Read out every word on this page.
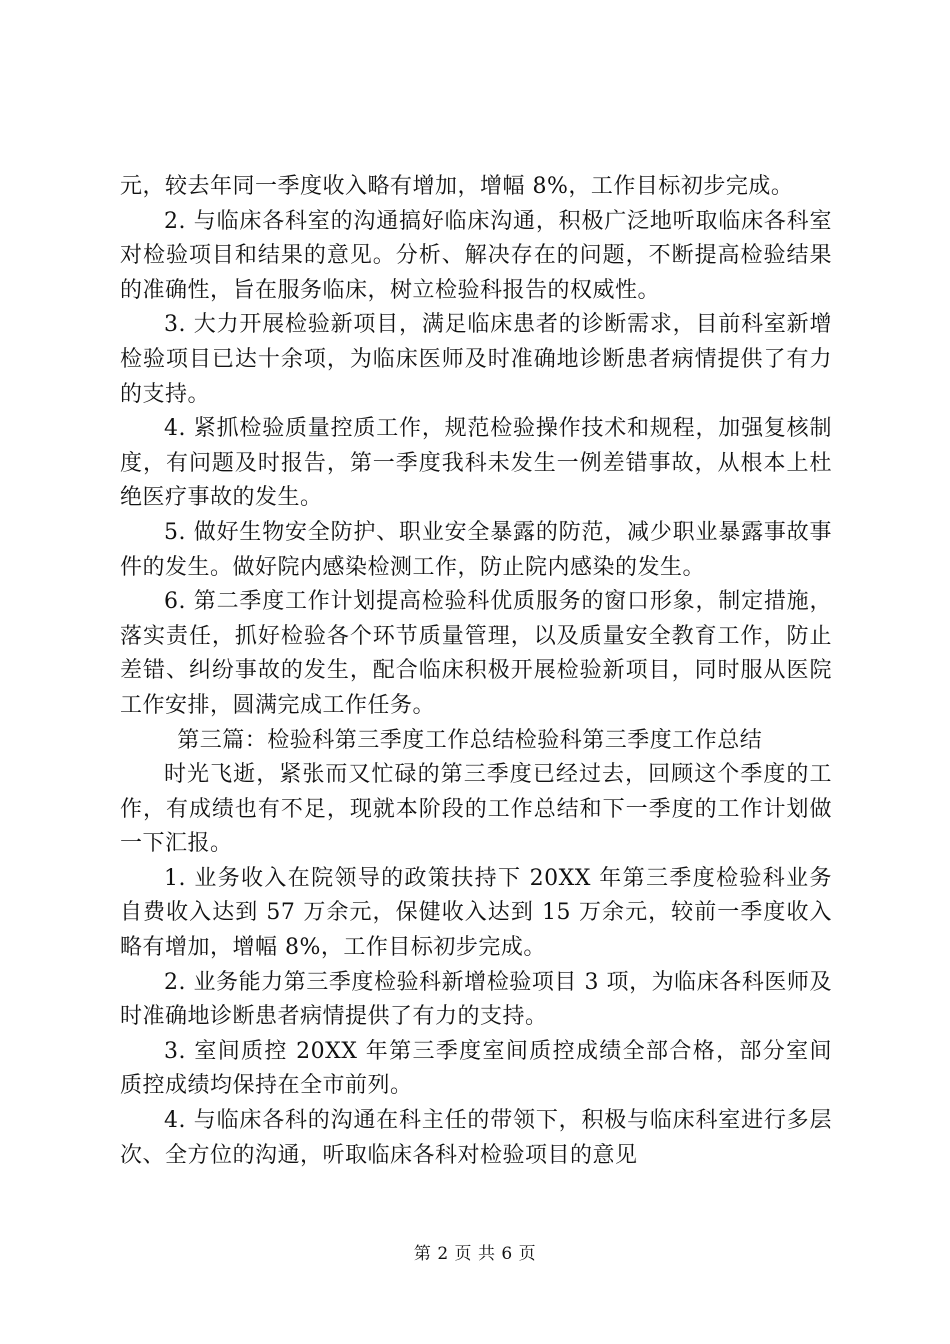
元，较去年同一季度收入略有增加，增幅 8%，工作目标初步完成。

2. 与临床各科室的沟通搞好临床沟通，积极广泛地听取临床各科室对检验项目和结果的意见。分析、解决存在的问题，不断提高检验结果的准确性，旨在服务临床，树立检验科报告的权威性。

3. 大力开展检验新项目，满足临床患者的诊断需求，目前科室新增检验项目已达十余项，为临床医师及时准确地诊断患者病情提供了有力的支持。

4. 紧抓检验质量控质工作，规范检验操作技术和规程，加强复核制度，有问题及时报告，第一季度我科未发生一例差错事故，从根本上杜绝医疗事故的发生。

5. 做好生物安全防护、职业安全暴露的防范，减少职业暴露事故事件的发生。做好院内感染检测工作，防止院内感染的发生。

6. 第二季度工作计划提高检验科优质服务的窗口形象，制定措施，落实责任，抓好检验各个环节质量管理，以及质量安全教育工作，防止差错、纠纷事故的发生，配合临床积极开展检验新项目，同时服从医院工作安排，圆满完成工作任务。

第三篇：检验科第三季度工作总结检验科第三季度工作总结

时光飞逝，紧张而又忙碌的第三季度已经过去，回顾这个季度的工作，有成绩也有不足，现就本阶段的工作总结和下一季度的工作计划做一下汇报。

1. 业务收入在院领导的政策扶持下 20XX 年第三季度检验科业务自费收入达到 57 万余元，保健收入达到 15 万余元，较前一季度收入略有增加，增幅 8%，工作目标初步完成。

2. 业务能力第三季度检验科新增检验项目 3 项，为临床各科医师及时准确地诊断患者病情提供了有力的支持。

3. 室间质控 20XX 年第三季度室间质控成绩全部合格，部分室间质控成绩均保持在全市前列。

4. 与临床各科的沟通在科主任的带领下，积极与临床科室进行多层次、全方位的沟通，听取临床各科对检验项目的意见

第 2 页 共 6 页
